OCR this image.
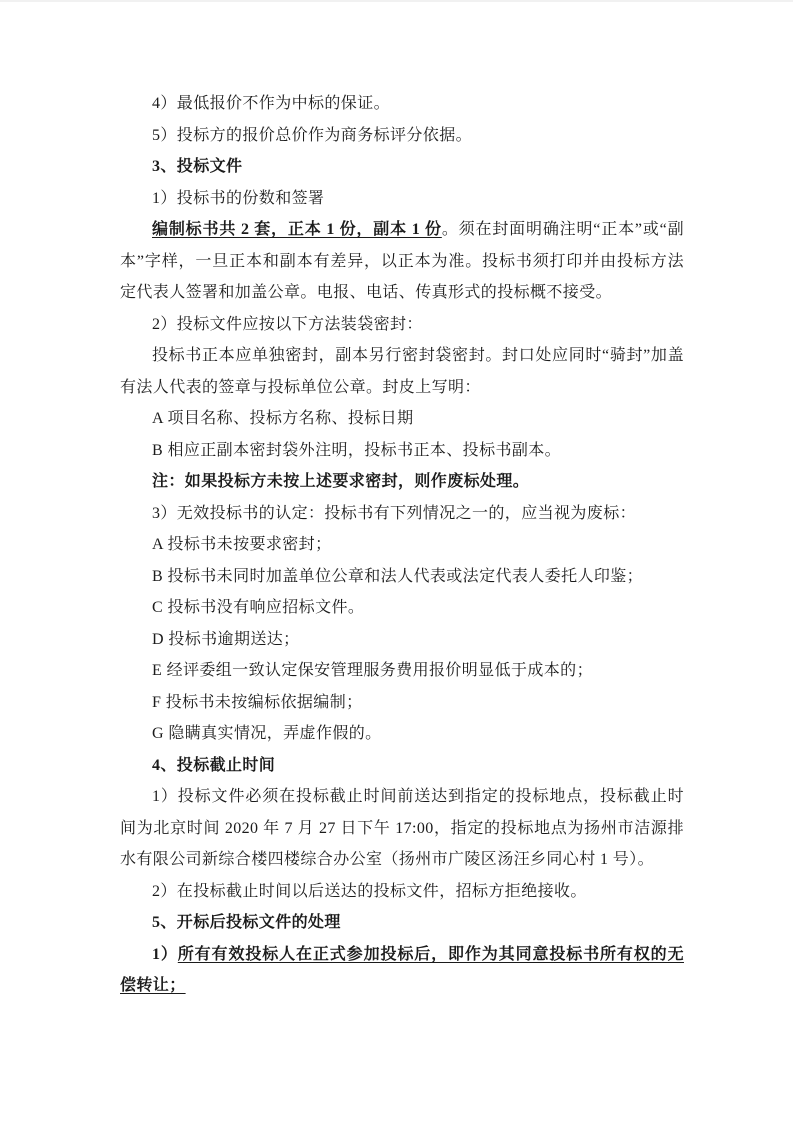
4）最低报价不作为中标的保证。

5）投标方的报价总价作为商务标评分依据。

3、投标文件

1）投标书的份数和签署

编制标书共 2 套，正本 1 份，副本 1 份。须在封面明确注明“正本”或“副本”字样，一旦正本和副本有差异，以正本为准。投标书须打印并由投标方法定代表人签署和加盖公章。电报、电话、传真形式的投标概不接受。

2）投标文件应按以下方法装袋密封：

投标书正本应单独密封，副本另行密封袋密封。封口处应同时“骑封”加盖有法人代表的签章与投标单位公章。封皮上写明：

A 项目名称、投标方名称、投标日期

B 相应正副本密封袋外注明，投标书正本、投标书副本。

注：如果投标方未按上述要求密封，则作废标处理。

3）无效投标书的认定：投标书有下列情况之一的，应当视为废标：

A 投标书未按要求密封；

B 投标书未同时加盖单位公章和法人代表或法定代表人委托人印鉴；

C 投标书没有响应招标文件。

D 投标书逾期送达；

E 经评委组一致认定保安管理服务费用报价明显低于成本的；

F 投标书未按编标依据编制；

G 隐瞒真实情况，弄虚作假的。

4、投标截止时间

1）投标文件必须在投标截止时间前送达到指定的投标地点，投标截止时间为北京时间 2020 年 7 月 27 日下午 17:00，指定的投标地点为扬州市洁源排水有限公司新综合楼四楼综合办公室（扬州市广陵区汤汪乡同心村 1 号）。

2）在投标截止时间以后送达的投标文件，招标方拒绝接收。

5、开标后投标文件的处理

1）所有有效投标人在正式参加投标后，即作为其同意投标书所有权的无偿转让；
